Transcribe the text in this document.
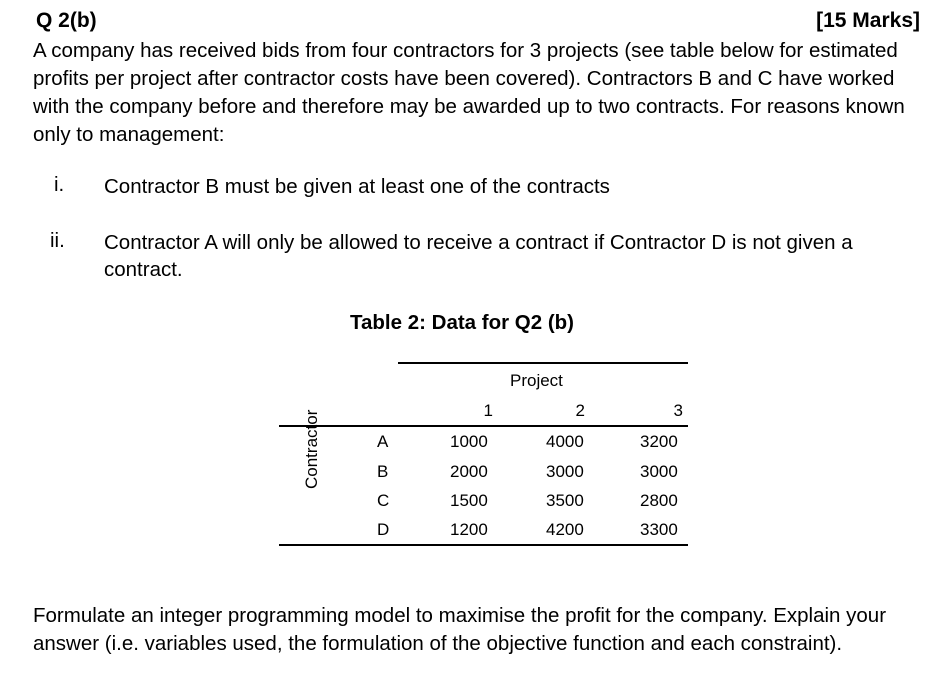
Q 2(b)	[15 Marks]
A company has received bids from four contractors for 3 projects (see table below for estimated profits per project after contractor costs have been covered). Contractors B and C have worked with the company before and therefore may be awarded up to two contracts. For reasons known only to management:
i. Contractor B must be given at least one of the contracts
ii. Contractor A will only be allowed to receive a contract if Contractor D is not given a contract.
Table 2: Data for Q2 (b)
Project
1	2	3
Contractor	A	1000	4000	3200
B	2000	3000	3000
C	1500	3500	2800
D	1200	4200	3300
Formulate an integer programming model to maximise the profit for the company. Explain your answer (i.e. variables used, the formulation of the objective function and each constraint).
